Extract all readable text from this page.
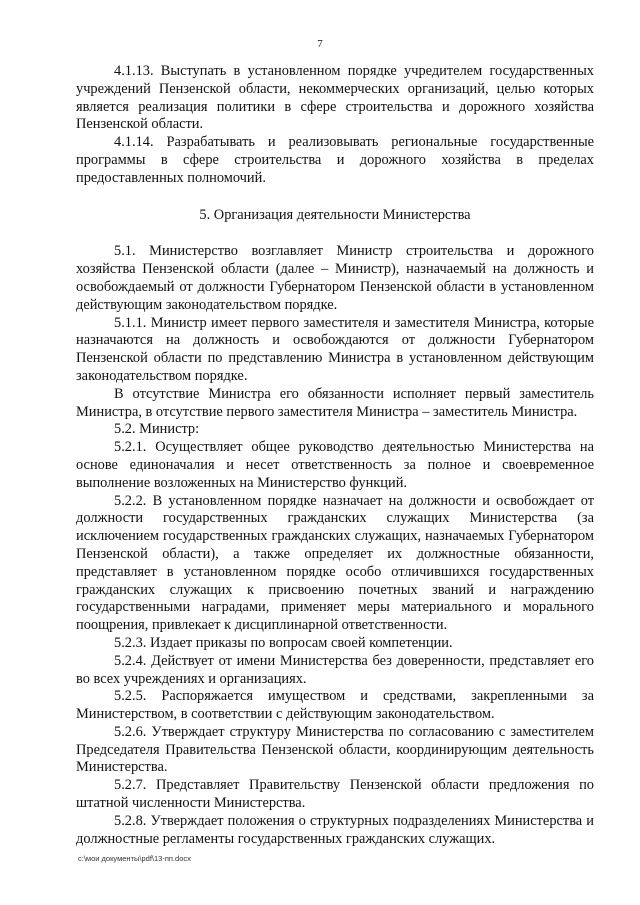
7

4.1.13. Выступать в установленном порядке учредителем государственных учреждений Пензенской области, некоммерческих организаций, целью которых является реализация политики в сфере строительства и дорожного хозяйства Пензенской области.

4.1.14. Разрабатывать и реализовывать региональные государственные программы в сфере строительства и дорожного хозяйства в пределах предоставленных полномочий.

5. Организация деятельности Министерства

5.1. Министерство возглавляет Министр строительства и дорожного хозяйства Пензенской области (далее – Министр), назначаемый на должность и освобождаемый от должности Губернатором Пензенской области в установленном действующим законодательством порядке.

5.1.1. Министр имеет первого заместителя и заместителя Министра, которые назначаются на должность и освобождаются от должности Губернатором Пензенской области по представлению Министра в установленном действующим законодательством порядке.

В отсутствие Министра его обязанности исполняет первый заместитель Министра, в отсутствие первого заместителя Министра – заместитель Министра.

5.2. Министр:

5.2.1. Осуществляет общее руководство деятельностью Министерства на основе единоначалия и несет ответственность за полное и своевременное выполнение возложенных на Министерство функций.

5.2.2. В установленном порядке назначает на должности и освобождает от должности государственных гражданских служащих Министерства (за исключением государственных гражданских служащих, назначаемых Губернатором Пензенской области), а также определяет их должностные обязанности, представляет в установленном порядке особо отличившихся государственных гражданских служащих к присвоению почетных званий и награждению государственными наградами, применяет меры материального и морального поощрения, привлекает к дисциплинарной ответственности.

5.2.3. Издает приказы по вопросам своей компетенции.

5.2.4. Действует от имени Министерства без доверенности, представляет его во всех учреждениях и организациях.

5.2.5. Распоряжается имуществом и средствами, закрепленными за Министерством, в соответствии с действующим законодательством.

5.2.6. Утверждает структуру Министерства по согласованию с заместителем Председателя Правительства Пензенской области, координирующим деятельность Министерства.

5.2.7. Представляет Правительству Пензенской области предложения по штатной численности Министерства.

5.2.8. Утверждает положения о структурных подразделениях Министерства и должностные регламенты государственных гражданских служащих.

c:\мои документы\pdf\13-пп.docx
